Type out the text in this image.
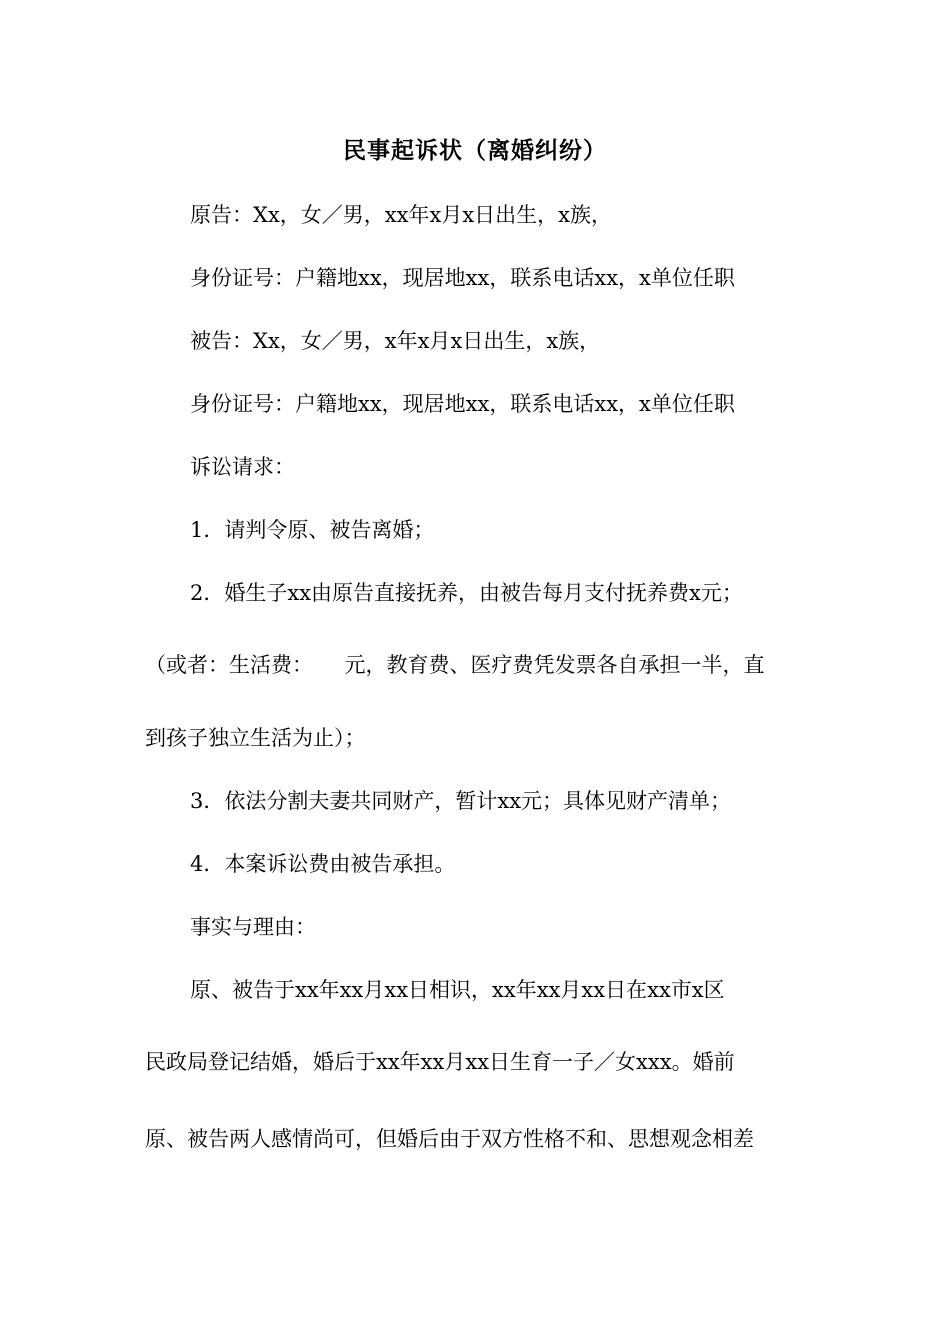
民事起诉状（离婚纠纷）
原告：Xx，女／男，xx年x月x日出生，x族，
身份证号：户籍地xx，现居地xx，联系电话xx，x单位任职
被告：Xx，女／男，x年x月x日出生，x族，
身份证号：户籍地xx，现居地xx，联系电话xx，x单位任职
诉讼请求：
1．请判令原、被告离婚；
2．婚生子xx由原告直接抚养，由被告每月支付抚养费x元；
（或者：生活费：　　元，教育费、医疗费凭发票各自承担一半，直
到孩子独立生活为止）；
3．依法分割夫妻共同财产，暂计xx元；具体见财产清单；
4．本案诉讼费由被告承担。
事实与理由：
原、被告于xx年xx月xx日相识，xx年xx月xx日在xx市x区
民政局登记结婚，婚后于xx年xx月xx日生育一子／女xxx。婚前
原、被告两人感情尚可，但婚后由于双方性格不和、思想观念相差
